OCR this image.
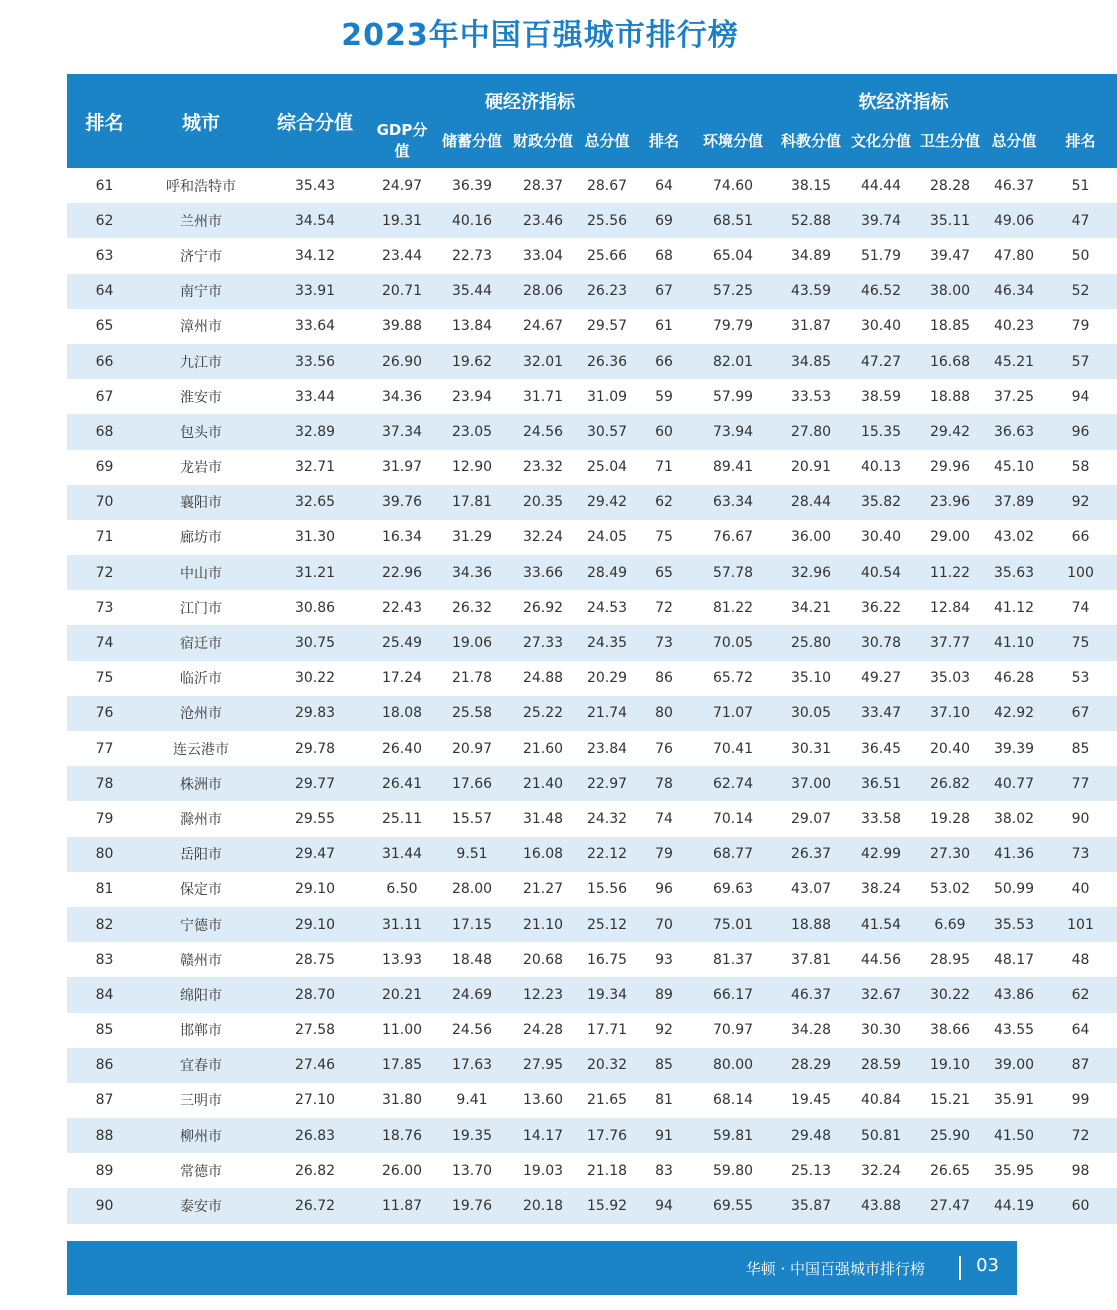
2023年中国百强城市排行榜
排名	城市	综合分值	硬经济指标					软经济指标					
			GDP分值	储蓄分值	财政分值	总分值	排名	环境分值	科教分值	文化分值	卫生分值	总分值	排名
61	呼和浩特市	35.43	24.97	36.39	28.37	28.67	64	74.60	38.15	44.44	28.28	46.37	51
62	兰州市	34.54	19.31	40.16	23.46	25.56	69	68.51	52.88	39.74	35.11	49.06	47
63	济宁市	34.12	23.44	22.73	33.04	25.66	68	65.04	34.89	51.79	39.47	47.80	50
64	南宁市	33.91	20.71	35.44	28.06	26.23	67	57.25	43.59	46.52	38.00	46.34	52
65	漳州市	33.64	39.88	13.84	24.67	29.57	61	79.79	31.87	30.40	18.85	40.23	79
66	九江市	33.56	26.90	19.62	32.01	26.36	66	82.01	34.85	47.27	16.68	45.21	57
67	淮安市	33.44	34.36	23.94	31.71	31.09	59	57.99	33.53	38.59	18.88	37.25	94
68	包头市	32.89	37.34	23.05	24.56	30.57	60	73.94	27.80	15.35	29.42	36.63	96
69	龙岩市	32.71	31.97	12.90	23.32	25.04	71	89.41	20.91	40.13	29.96	45.10	58
70	襄阳市	32.65	39.76	17.81	20.35	29.42	62	63.34	28.44	35.82	23.96	37.89	92
71	廊坊市	31.30	16.34	31.29	32.24	24.05	75	76.67	36.00	30.40	29.00	43.02	66
72	中山市	31.21	22.96	34.36	33.66	28.49	65	57.78	32.96	40.54	11.22	35.63	100
73	江门市	30.86	22.43	26.32	26.92	24.53	72	81.22	34.21	36.22	12.84	41.12	74
74	宿迁市	30.75	25.49	19.06	27.33	24.35	73	70.05	25.80	30.78	37.77	41.10	75
75	临沂市	30.22	17.24	21.78	24.88	20.29	86	65.72	35.10	49.27	35.03	46.28	53
76	沧州市	29.83	18.08	25.58	25.22	21.74	80	71.07	30.05	33.47	37.10	42.92	67
77	连云港市	29.78	26.40	20.97	21.60	23.84	76	70.41	30.31	36.45	20.40	39.39	85
78	株洲市	29.77	26.41	17.66	21.40	22.97	78	62.74	37.00	36.51	26.82	40.77	77
79	滁州市	29.55	25.11	15.57	31.48	24.32	74	70.14	29.07	33.58	19.28	38.02	90
80	岳阳市	29.47	31.44	9.51	16.08	22.12	79	68.77	26.37	42.99	27.30	41.36	73
81	保定市	29.10	6.50	28.00	21.27	15.56	96	69.63	43.07	38.24	53.02	50.99	40
82	宁德市	29.10	31.11	17.15	21.10	25.12	70	75.01	18.88	41.54	6.69	35.53	101
83	赣州市	28.75	13.93	18.48	20.68	16.75	93	81.37	37.81	44.56	28.95	48.17	48
84	绵阳市	28.70	20.21	24.69	12.23	19.34	89	66.17	46.37	32.67	30.22	43.86	62
85	邯郸市	27.58	11.00	24.56	24.28	17.71	92	70.97	34.28	30.30	38.66	43.55	64
86	宜春市	27.46	17.85	17.63	27.95	20.32	85	80.00	28.29	28.59	19.10	39.00	87
87	三明市	27.10	31.80	9.41	13.60	21.65	81	68.14	19.45	40.84	15.21	35.91	99
88	柳州市	26.83	18.76	19.35	14.17	17.76	91	59.81	29.48	50.81	25.90	41.50	72
89	常德市	26.82	26.00	13.70	19.03	21.18	83	59.80	25.13	32.24	26.65	35.95	98
90	泰安市	26.72	11.87	19.76	20.18	15.92	94	69.55	35.87	43.88	27.47	44.19	60
华顿 · 中国百强城市排行榜	03
